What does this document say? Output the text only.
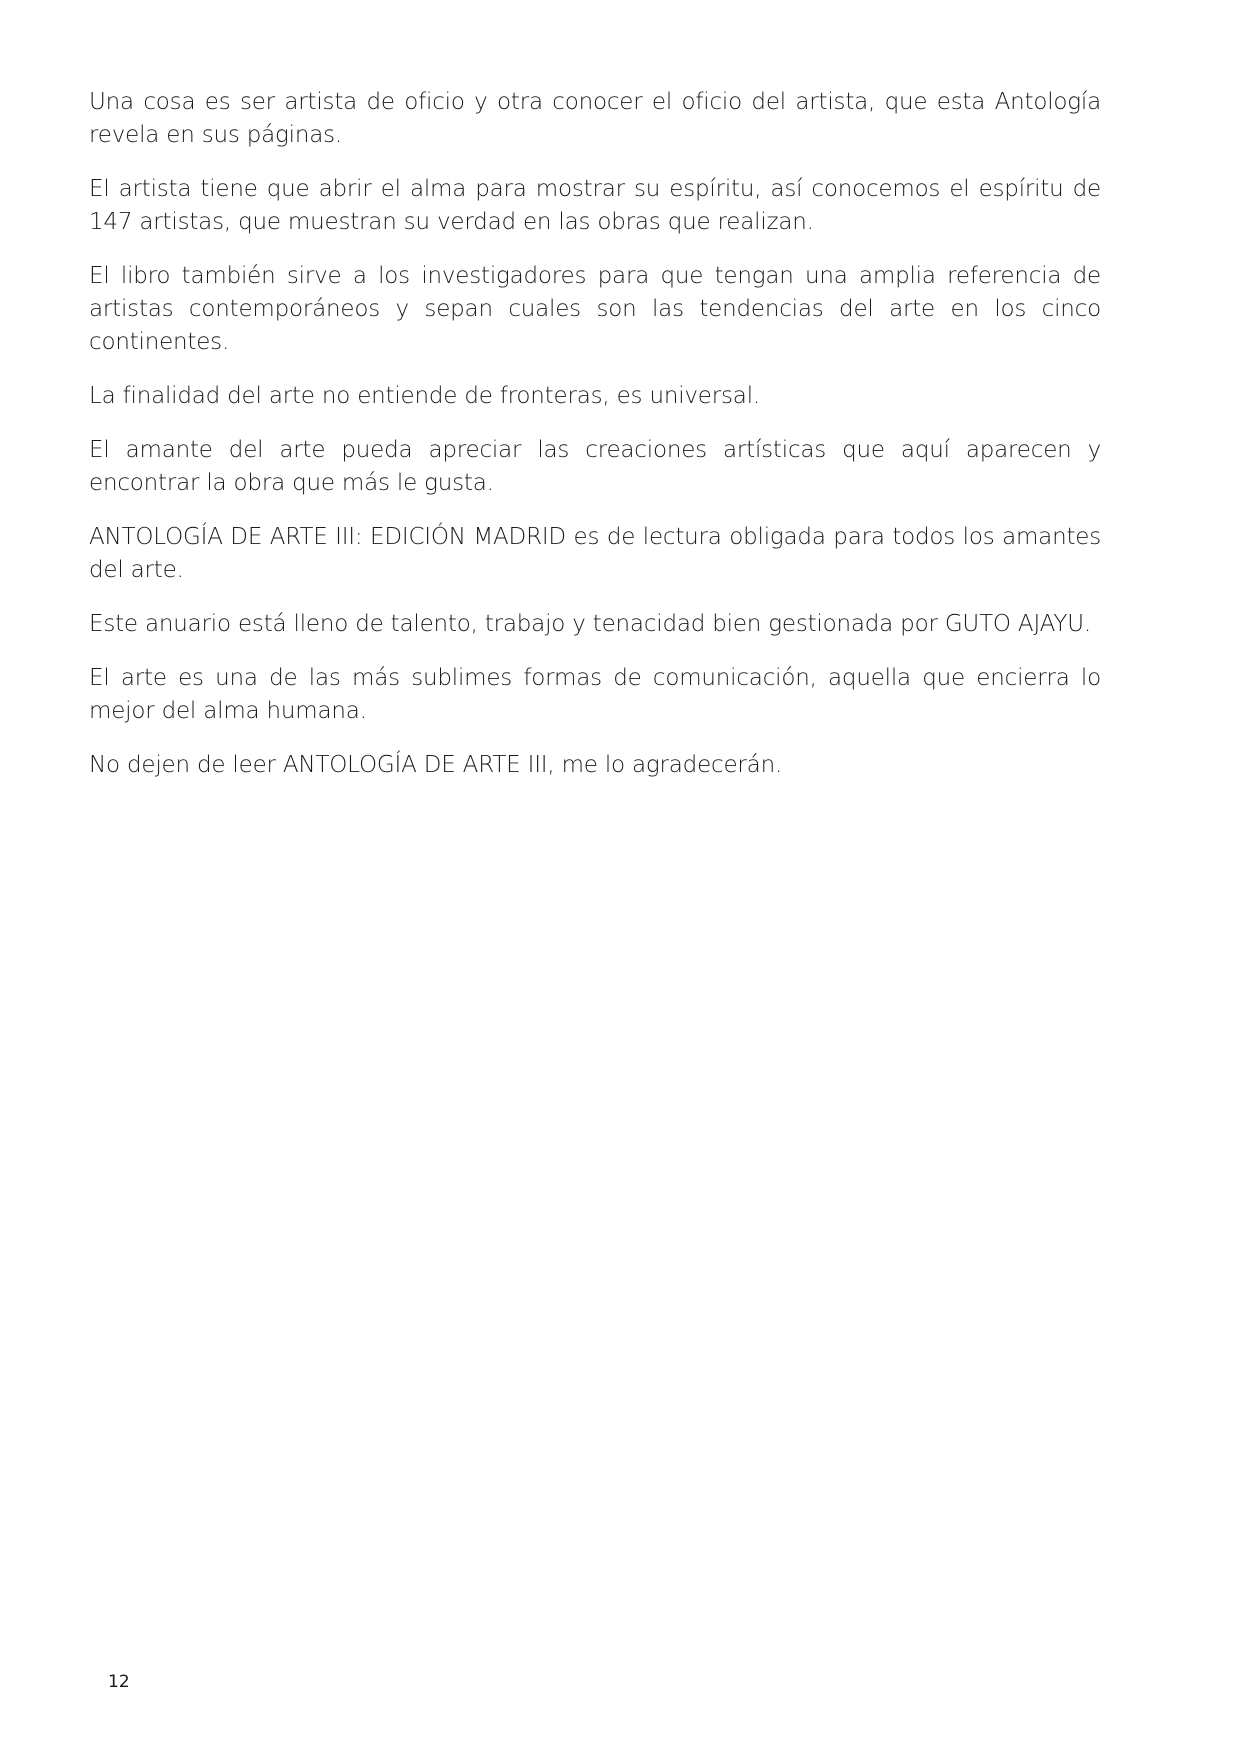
Una cosa es ser artista de oficio y otra conocer el oficio del artista, que esta Antología revela en sus páginas.

El artista tiene que abrir el alma para mostrar su espíritu, así conocemos el espíritu de 147 artistas, que muestran su verdad en las obras que realizan.

El libro también sirve a los investigadores para que tengan una amplia referencia de artistas contemporáneos y sepan cuales son las tendencias del arte en los cinco continentes.

La finalidad del arte no entiende de fronteras, es universal.

El amante del arte pueda apreciar las creaciones artísticas que aquí aparecen y encontrar la obra que más le gusta.

ANTOLOGÍA DE ARTE III: EDICIÓN MADRID es de lectura obligada para todos los amantes del arte.

Este anuario está lleno de talento, trabajo y tenacidad bien gestionada por GUTO AJAYU.

El arte es una de las más sublimes formas de comunicación, aquella que encierra lo mejor del alma humana.

No dejen de leer ANTOLOGÍA DE ARTE III, me lo agradecerán.

12
